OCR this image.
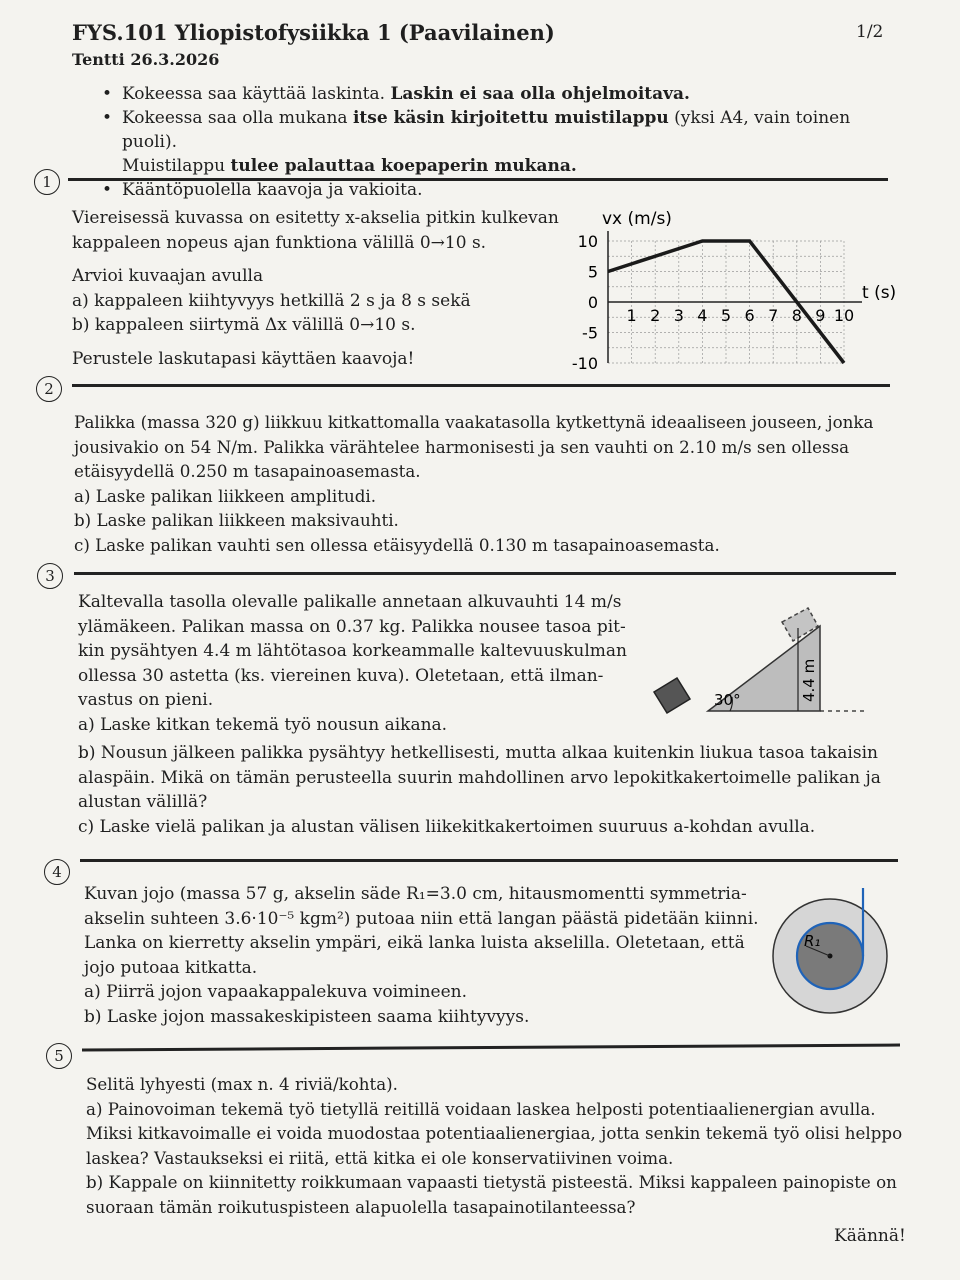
FYS.101 Yliopistofysiikka 1 (Paavilainen)
Tentti 26.3.2026
1/2
• Kokeessa saa käyttää laskinta. Laskin ei saa olla ohjelmoitava.
• Kokeessa saa olla mukana itse käsin kirjoitettu muistilappu (yksi A4, vain toinen puoli).
Muistilappu tulee palauttaa koepaperin mukana.
• Kääntöpuolella kaavoja ja vakioita.
1

Viereisessä kuvassa on esitetty x-akselia pitkin kulkevan

kappaleen nopeus ajan funktiona välillä 0→10 s.

Arvioi kuvaajan avulla

a) kappaleen kiihtyvyys hetkillä 2 s ja 8 s sekä

b) kappaleen siirtymä Δx välillä 0→10 s.

Perustele laskutapasi käyttäen kaavoja!

1 2 3 4 5 6 7 8 9 10
10
5
0
-5
-10
vx (m/s)
t (s)
2

Palikka (massa 320 g) liikkuu kitkattomalla vaakatasolla kytkettynä ideaaliseen jouseen, jonka

jousivakio on 54 N/m. Palikka värähtelee harmonisesti ja sen vauhti on 2.10 m/s sen ollessa

etäisyydellä 0.250 m tasapainoasemasta.

a) Laske palikan liikkeen amplitudi.

b) Laske palikan liikkeen maksivauhti.

c) Laske palikan vauhti sen ollessa etäisyydellä 0.130 m tasapainoasemasta.

3

Kaltevalla tasolla olevalle palikalle annetaan alkuvauhti 14 m/s

ylämäkeen. Palikan massa on 0.37 kg. Palikka nousee tasoa pit-

kin pysähtyen 4.4 m lähtötasoa korkeammalle kaltevuuskulman

ollessa 30 astetta (ks. viereinen kuva). Oletetaan, että ilman-

vastus on pieni.

a) Laske kitkan tekemä työ nousun aikana.

b) Nousun jälkeen palikka pysähtyy hetkellisesti, mutta alkaa kuitenkin liukua tasoa takaisin

alaspäin. Mikä on tämän perusteella suurin mahdollinen arvo lepokitkakertoimelle palikan ja

alustan välillä?

c) Laske vielä palikan ja alustan välisen liikekitkakertoimen suuruus a-kohdan avulla.

30°	4.4 m
4

Kuvan jojo (massa 57 g, akselin säde R₁=3.0 cm, hitausmomentti symmetria-

akselin suhteen 3.6·10⁻⁵ kgm²) putoaa niin että langan päästä pidetään kiinni.

Lanka on kierretty akselin ympäri, eikä lanka luista akselilla. Oletetaan, että

jojo putoaa kitkatta.

a) Piirrä jojon vapaakappalekuva voimineen.

b) Laske jojon massakeskipisteen saama kiihtyvyys.

R₁
5

Selitä lyhyesti (max n. 4 riviä/kohta).

a) Painovoiman tekemä työ tietyllä reitillä voidaan laskea helposti potentiaalienergian avulla.

Miksi kitkavoimalle ei voida muodostaa potentiaalienergiaa, jotta senkin tekemä työ olisi helppo

laskea? Vastaukseksi ei riitä, että kitka ei ole konservatiivinen voima.

b) Kappale on kiinnitetty roikkumaan vapaasti tietystä pisteestä. Miksi kappaleen painopiste on

suoraan tämän roikutuspisteen alapuolella tasapainotilanteessa?

Käännä!
